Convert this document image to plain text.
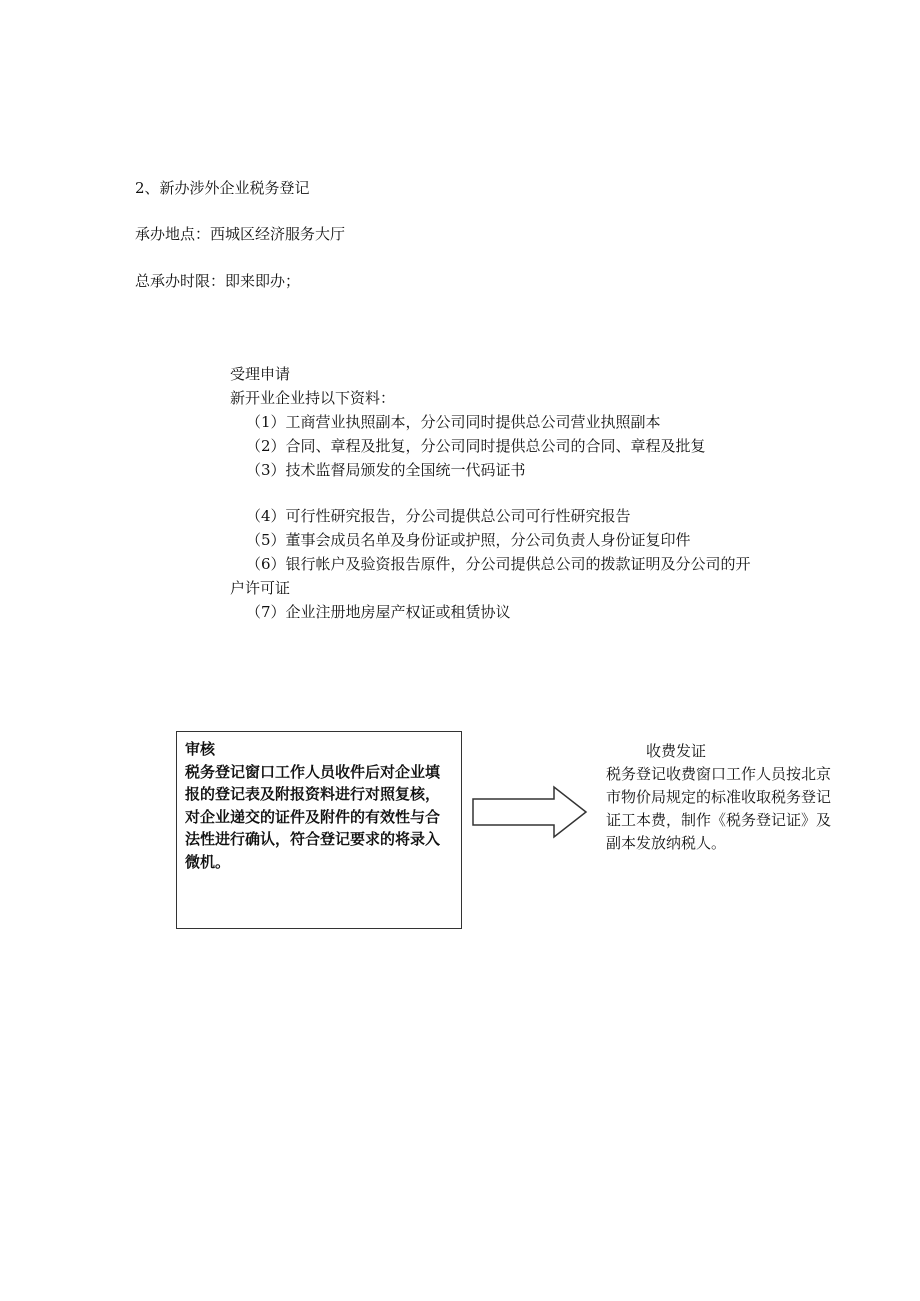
2、新办涉外企业税务登记
承办地点：西城区经济服务大厅
总承办时限：即来即办；
受理申请
新开业企业持以下资料：
（1）工商营业执照副本，分公司同时提供总公司营业执照副本
（2）合同、章程及批复，分公司同时提供总公司的合同、章程及批复
（3）技术监督局颁发的全国统一代码证书
（4）可行性研究报告，分公司提供总公司可行性研究报告
（5）董事会成员名单及身份证或护照，分公司负责人身份证复印件
（6）银行帐户及验资报告原件，分公司提供总公司的拨款证明及分公司的开
户许可证
（7）企业注册地房屋产权证或租赁协议
审核
税务登记窗口工作人员收件后对企业填报的登记表及附报资料进行对照复核，对企业递交的证件及附件的有效性与合法性进行确认，符合登记要求的将录入微机。
收费发证
税务登记收费窗口工作人员按北京市物价局规定的标准收取税务登记证工本费，制作《税务登记证》及副本发放纳税人。
